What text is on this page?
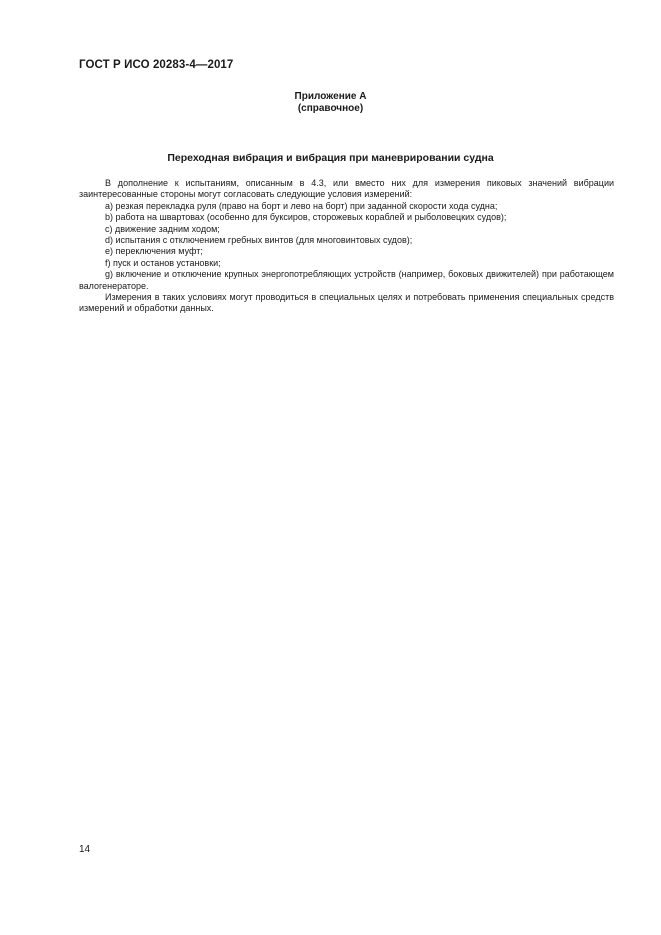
ГОСТ Р ИСО 20283-4—2017
Приложение А
(справочное)
Переходная вибрация и вибрация при маневрировании судна

В дополнение к испытаниям, описанным в 4.3, или вместо них для измерения пиковых значений вибрации заинтересованные стороны могут согласовать следующие условия измерений:

a) резкая перекладка руля (право на борт и лево на борт) при заданной скорости хода судна;

b) работа на швартовах (особенно для буксиров, сторожевых кораблей и рыболовецких судов);

c) движение задним ходом;

d) испытания с отключением гребных винтов (для многовинтовых судов);

e) переключения муфт;

f) пуск и останов установки;

g) включение и отключение крупных энергопотребляющих устройств (например, боковых движителей) при работающем валогенераторе.

Измерения в таких условиях могут проводиться в специальных целях и потребовать применения специальных средств измерений и обработки данных.

14
